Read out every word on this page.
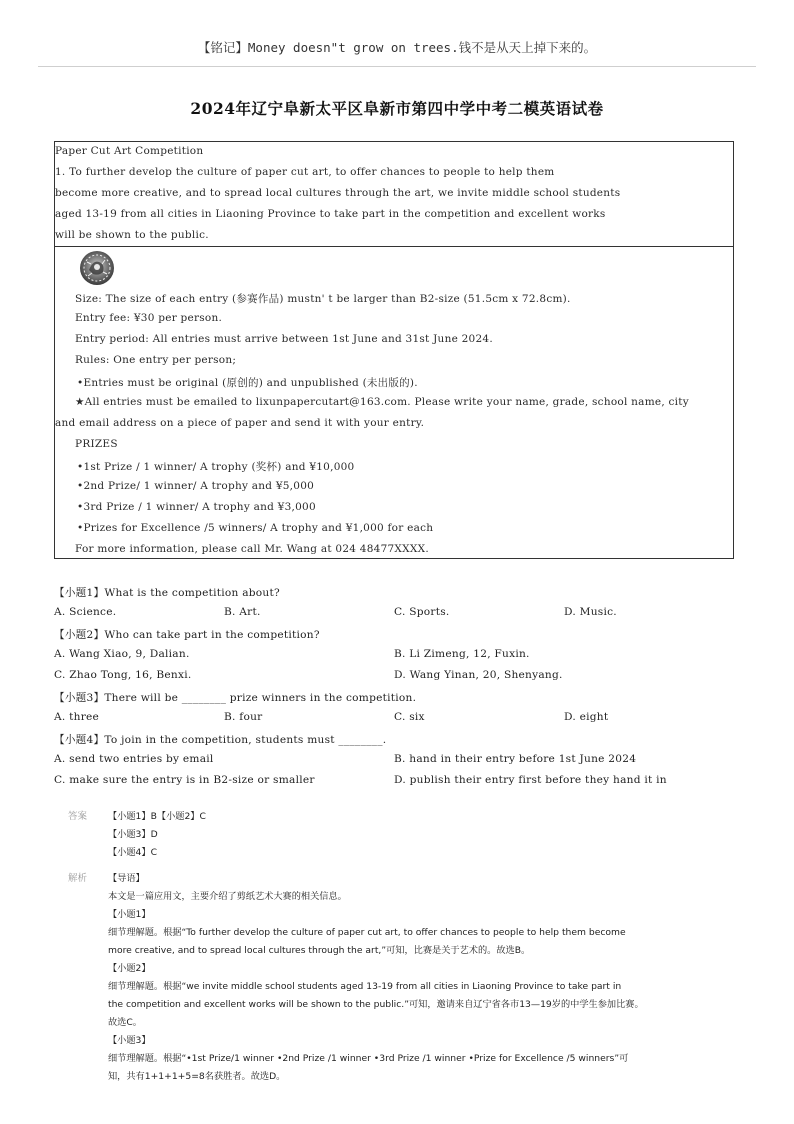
【铭记】Money doesn"t grow on trees.钱不是从天上掉下来的。
2024年辽宁阜新太平区阜新市第四中学中考二模英语试卷
Paper Cut Art Competition
1. To further develop the culture of paper cut art, to offer chances to people to help them
become more creative, and to spread local cultures through the art, we invite middle school students
aged 13-19 from all cities in Liaoning Province to take part in the competition and excellent works
will be shown to the public.
Size: The size of each entry (参赛作品) mustn' t be larger than B2-size (51.5cm x 72.8cm).
Entry fee: ¥30 per person.
Entry period: All entries must arrive between 1st June and 31st June 2024.
Rules: One entry per person;
•Entries must be original (原创的) and unpublished (未出版的).
★All entries must be emailed to lixunpapercutart@163.com. Please write your name, grade, school name, city
and email address on a piece of paper and send it with your entry.
PRIZES
•1st Prize / 1 winner/ A trophy (奖杯) and ¥10,000
•2nd Prize/ 1 winner/ A trophy and ¥5,000
•3rd Prize / 1 winner/ A trophy and ¥3,000
•Prizes for Excellence /5 winners/ A trophy and ¥1,000 for each
For more information, please call Mr. Wang at 024 48477XXXX.
【小题1】What is the competition about?
A. Science.	B. Art.	C. Sports.	D. Music.
【小题2】Who can take part in the competition?
A. Wang Xiao, 9, Dalian.	B. Li Zimeng, 12, Fuxin.
C. Zhao Tong, 16, Benxi.	D. Wang Yinan, 20, Shenyang.
【小题3】There will be ________ prize winners in the competition.
A. three	B. four	C. six	D. eight
【小题4】To join in the competition, students must ________.
A. send two entries by email	B. hand in their entry before 1st June 2024
C. make sure the entry is in B2-size or smaller	D. publish their entry first before they hand it in
答案 【小题1】B【小题2】C
【小题3】D
【小题4】C
解析 【导语】
本文是一篇应用文，主要介绍了剪纸艺术大赛的相关信息。
【小题1】
细节理解题。根据“To further develop the culture of paper cut art, to offer chances to people to help them become
more creative, and to spread local cultures through the art,”可知，比赛是关于艺术的。故选B。
【小题2】
细节理解题。根据“we invite middle school students aged 13-19 from all cities in Liaoning Province to take part in
the competition and excellent works will be shown to the public.”可知，邀请来自辽宁省各市13—19岁的中学生参加比赛。
故选C。
【小题3】
细节理解题。根据“•1st Prize/1 winner •2nd Prize /1 winner •3rd Prize /1 winner •Prize for Excellence /5 winners”可
知，共有1+1+1+5=8名获胜者。故选D。
